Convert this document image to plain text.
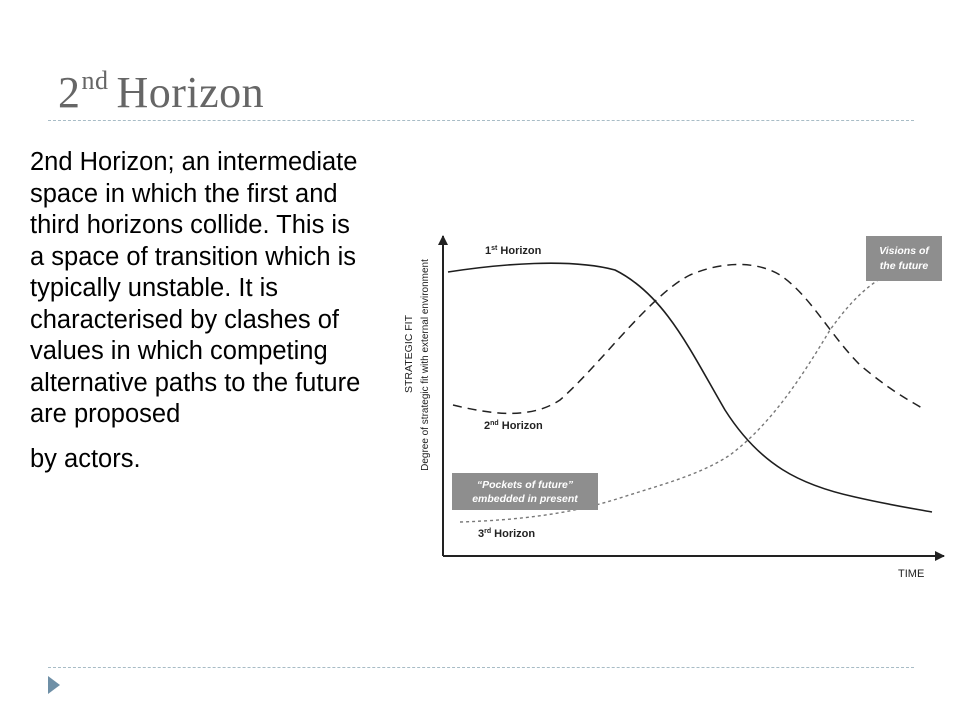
2nd Horizon
2nd Horizon; an intermediate space in which the first and third horizons collide. This is a space of transition which is typically unstable. It is characterised by clashes of values in which competing alternative paths to the future are proposed
by actors.
STRATEGIC FIT Degree of strategic fit with external environment
TIME
1st Horizon
2nd Horizon
3rd Horizon
Visions of
the future
“Pockets of future”
embedded in present
